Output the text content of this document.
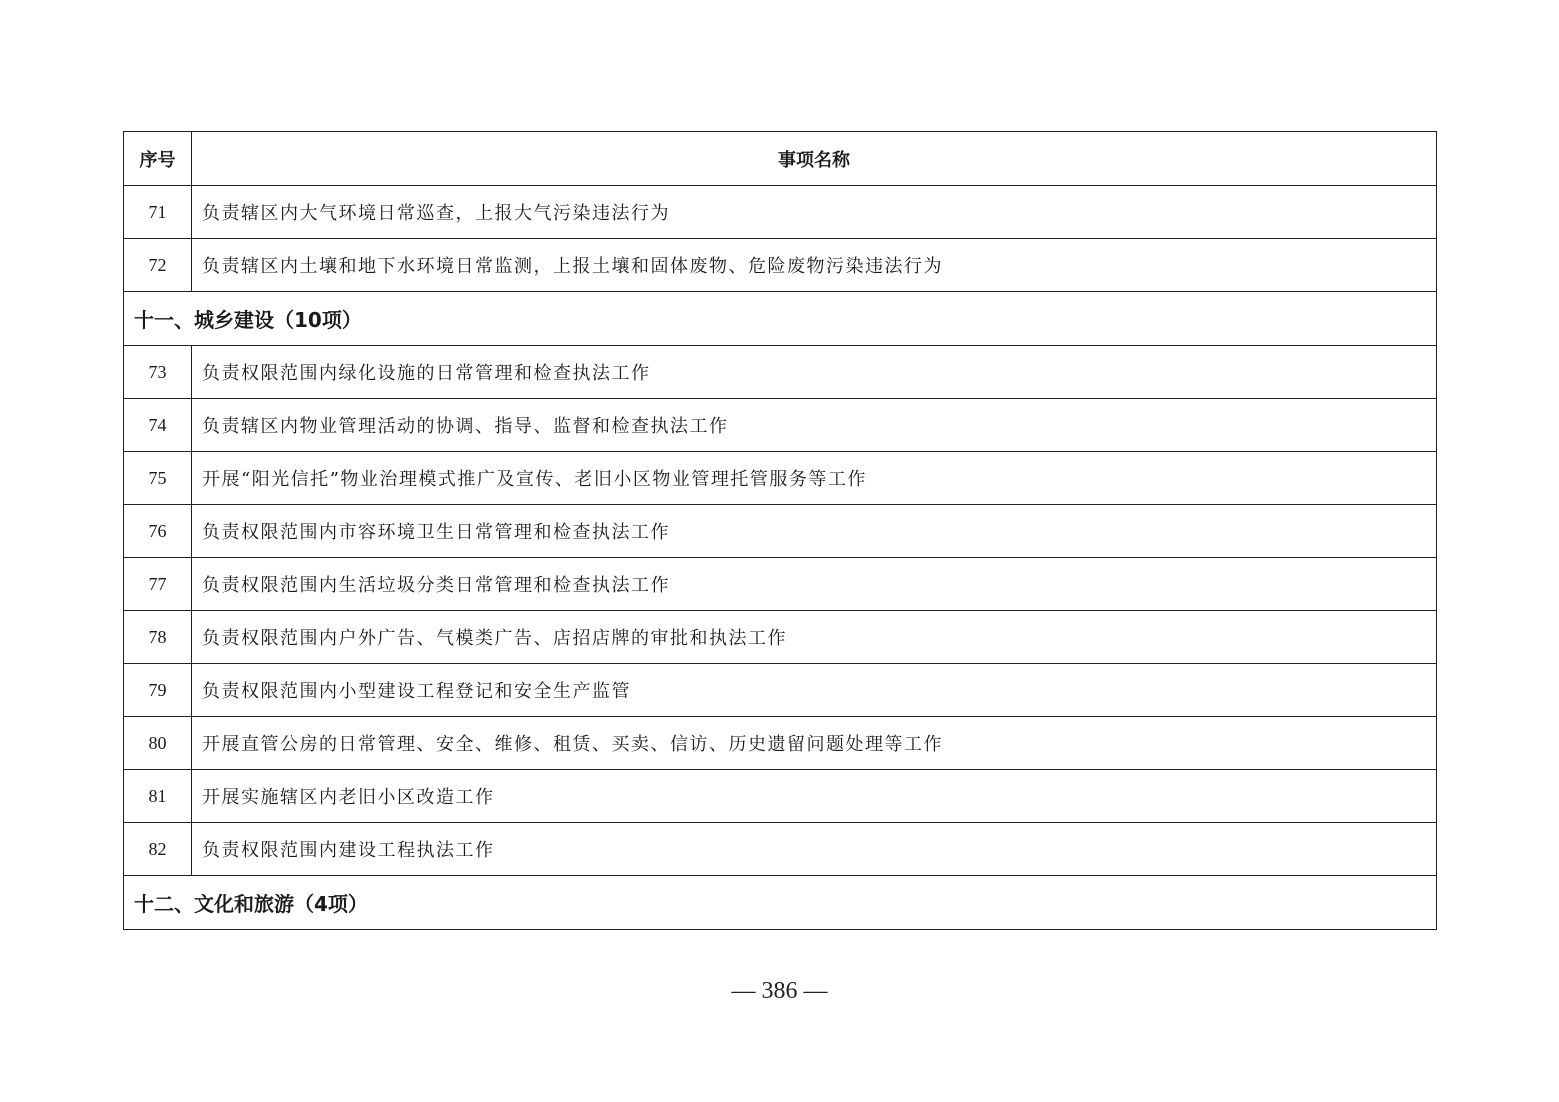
序号	事项名称
71	负责辖区内大气环境日常巡查，上报大气污染违法行为
72	负责辖区内土壤和地下水环境日常监测，上报土壤和固体废物、危险废物污染违法行为
十一、城乡建设（10项）	
73	负责权限范围内绿化设施的日常管理和检查执法工作
74	负责辖区内物业管理活动的协调、指导、监督和检查执法工作
75	开展“阳光信托”物业治理模式推广及宣传、老旧小区物业管理托管服务等工作
76	负责权限范围内市容环境卫生日常管理和检查执法工作
77	负责权限范围内生活垃圾分类日常管理和检查执法工作
78	负责权限范围内户外广告、气模类广告、店招店牌的审批和执法工作
79	负责权限范围内小型建设工程登记和安全生产监管
80	开展直管公房的日常管理、安全、维修、租赁、买卖、信访、历史遗留问题处理等工作
81	开展实施辖区内老旧小区改造工作
82	负责权限范围内建设工程执法工作
十二、文化和旅游（4项）	
— 386 —
